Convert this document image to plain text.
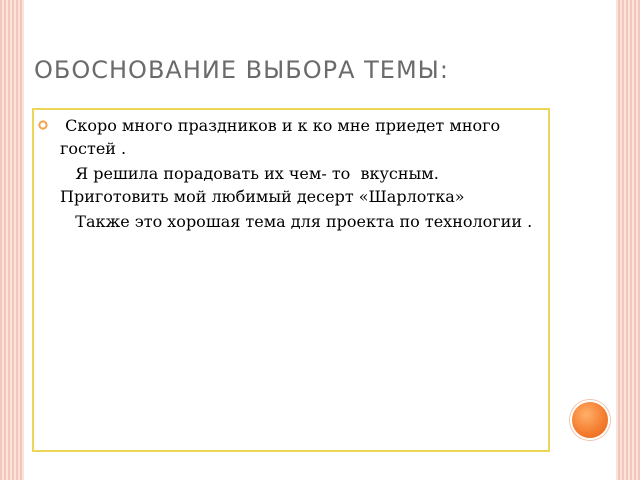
ОБОСНОВАНИЕ ВЫБОРА ТЕМЫ:

Скоро много праздников и к ко мне приедет много гостей .

Я решила порадовать их чем- то  вкусным. Приготовить мой любимый десерт «Шарлотка»

Также это хорошая тема для проекта по технологии .
